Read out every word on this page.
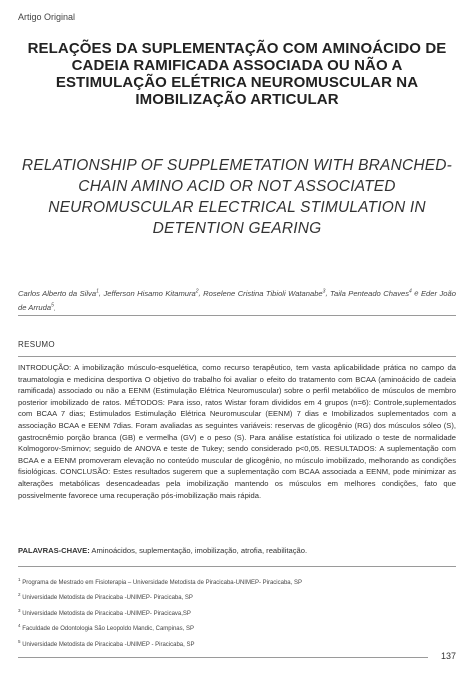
Artigo Original
RELAÇÕES DA SUPLEMENTAÇÃO COM AMINOÁCIDO DE CADEIA RAMIFICADA ASSOCIADA OU NÃO A ESTIMULAÇÃO ELÉTRICA NEUROMUSCULAR NA IMOBILIZAÇÃO ARTICULAR
RELATIONSHIP OF SUPPLEMETATION WITH BRANCHED-CHAIN AMINO ACID OR NOT ASSOCIATED NEUROMUSCULAR ELECTRICAL STIMULATION IN DETENTION GEARING
Carlos Alberto da Silva$^1$, Jefferson Hisamo Kitamura$^2$, Roselene Cristina Tibioli Watanabe$^3$, Taila Penteado Chaves$^4$ e Eder João de Arruda$^5$.
RESUMO
INTRODUÇÃO: A imobilização músculo-esquelética, como recurso terapêutico, tem vasta aplicabilidade prática no campo da traumatologia e medicina desportiva O objetivo do trabalho foi avaliar o efeito do tratamento com BCAA (aminoácido de cadeia ramificada) associado ou não a EENM (Estimulação Elétrica Neuromuscular) sobre o perfil metabólico de músculos de membro posterior imobilizado de ratos. MÉTODOS: Para isso, ratos Wistar foram divididos em 4 grupos (n=6): Controle,suplementados com BCAA 7 dias; Estimulados Estimulação Elétrica Neuromuscular (EENM) 7 dias e Imobilizados suplementados com a associação BCAA e EENM 7dias. Foram avaliadas as seguintes variáveis: reservas de glicogênio (RG) dos músculos sóleo (S), gastrocnêmio porção branca (GB) e vermelha (GV) e o peso (S). Para análise estatística foi utilizado o teste de normalidade Kolmogorov-Smirnov; seguido de ANOVA e teste de Tukey; sendo considerado p<0,05. RESULTADOS: A suplementação com BCAA e a EENM promoveram elevação no conteúdo muscular de glicogênio, no músculo imobilizado, melhorando as condições fisiológicas. CONCLUSÃO: Estes resultados sugerem que a suplementação com BCAA associada a EENM, pode minimizar as alterações metabólicas desencadeadas pela imobilização mantendo os músculos em melhores condições, fato que possivelmente favorece uma recuperação pós-imobilização mais rápida.
PALAVRAS-CHAVE: Aminoácidos, suplementação, imobilização, atrofia, reabilitação.
$^1$ Programa de Mestrado em Fisioterapia – Universidade Metodista de Piracicaba-UNIMEP- Piracicaba, SP
$^2$ Universidade Metodista de Piracicaba -UNIMEP- Piracicaba, SP
$^3$ Universidade Metodista de Piracicaba -UNIMEP- Piracicava,SP
$^4$ Faculdade de Odontologia São Leopoldo Mandic, Campinas, SP
$^5$ Universidade Metodista de Piracicaba -UNIMEP - Piracicaba, SP
137
